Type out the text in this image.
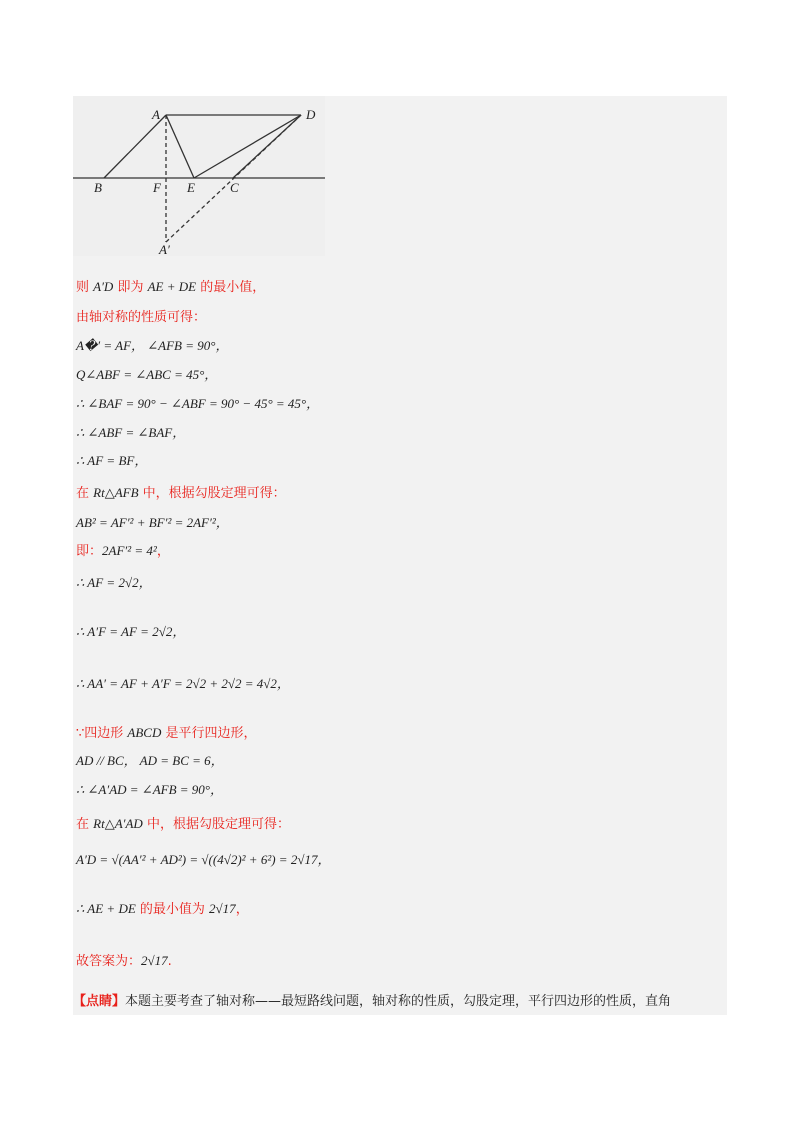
A	D
B	F E	C
A′
则 A′D 即为 AE + DE 的最小值，
由轴对称的性质可得：
A�′ = AF， ∠AFB = 90°，
Q∠ABF = ∠ABC = 45°，
∴ ∠BAF = 90° − ∠ABF = 90° − 45° = 45°，
∴ ∠ABF = ∠BAF，
∴ AF = BF，
在 Rt△AFB 中，根据勾股定理可得：
AB² = AF′² + BF′² = 2AF′²，
即：2AF′² = 4²，
∴ AF = 2√2，
∴ A′F = AF = 2√2，
∴ AA′ = AF + A′F = 2√2 + 2√2 = 4√2，
∵四边形 ABCD 是平行四边形，
AD // BC， AD = BC = 6，
∴ ∠A′AD = ∠AFB = 90°，
在 Rt△A′AD 中，根据勾股定理可得：
A′D = √(AA′² + AD²) = √((4√2)² + 6²) = 2√17，
∴ AE + DE 的最小值为 2√17，
故答案为：2√17.
【点睛】本题主要考查了轴对称——最短路线问题，轴对称的性质，勾股定理，平行四边形的性质，直角
